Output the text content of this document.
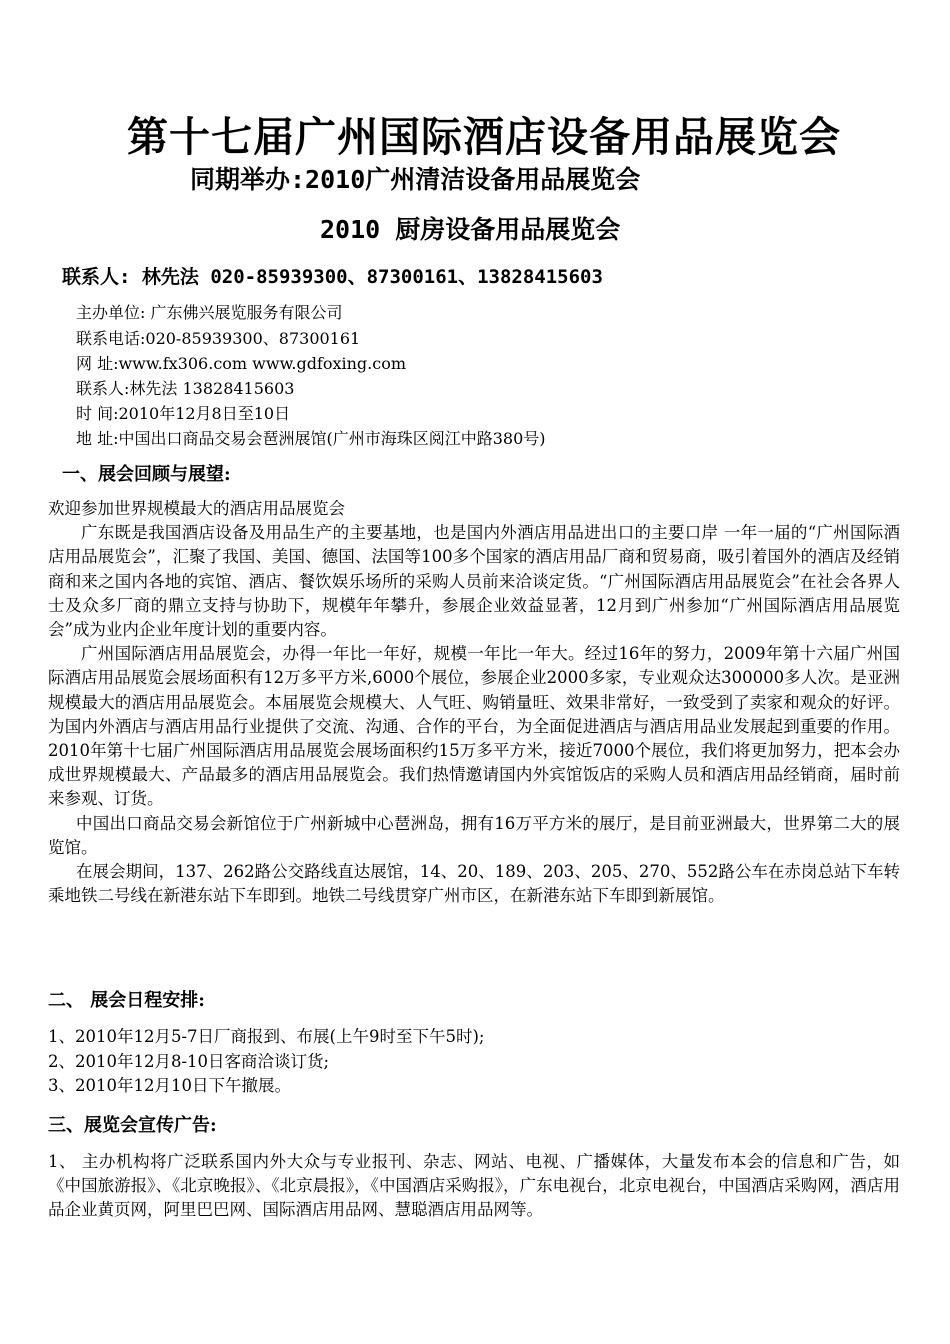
第十七届广州国际酒店设备用品展览会
同期举办:2010广州清洁设备用品展览会
2010 厨房设备用品展览会
联系人: 林先法 020-85939300、87300161、13828415603
主办单位: 广东佛兴展览服务有限公司
联系电话:020-85939300、87300161
网 址:www.fx306.com www.gdfoxing.com
联系人:林先法 13828415603
时 间:2010年12月8日至10日
地 址:中国出口商品交易会琶洲展馆(广州市海珠区阅江中路380号)
一、展会回顾与展望:

欢迎参加世界规模最大的酒店用品展览会

广东既是我国酒店设备及用品生产的主要基地，也是国内外酒店用品进出口的主要口岸 一年一届的“广州国际酒店用品展览会”，汇聚了我国、美国、德国、法国等100多个国家的酒店用品厂商和贸易商，吸引着国外的酒店及经销商和来之国内各地的宾馆、酒店、餐饮娱乐场所的采购人员前来洽谈定货。“广州国际酒店用品展览会”在社会各界人士及众多厂商的鼎立支持与协助下，规模年年攀升，参展企业效益显著，12月到广州参加“广州国际酒店用品展览会”成为业内企业年度计划的重要内容。

广州国际酒店用品展览会，办得一年比一年好，规模一年比一年大。经过16年的努力，2009年第十六届广州国际酒店用品展览会展场面积有12万多平方米,6000个展位，参展企业2000多家，专业观众达300000多人次。是亚洲规模最大的酒店用品展览会。本届展览会规模大、人气旺、购销量旺、效果非常好，一致受到了卖家和观众的好评。为国内外酒店与酒店用品行业提供了交流、沟通、合作的平台，为全面促进酒店与酒店用品业发展起到重要的作用。2010年第十七届广州国际酒店用品展览会展场面积约15万多平方米，接近7000个展位，我们将更加努力，把本会办成世界规模最大、产品最多的酒店用品展览会。我们热情邀请国内外宾馆饭店的采购人员和酒店用品经销商，届时前来参观、订货。

中国出口商品交易会新馆位于广州新城中心琶洲岛，拥有16万平方米的展厅，是目前亚洲最大，世界第二大的展览馆。

在展会期间，137、262路公交路线直达展馆，14、20、189、203、205、270、552路公车在赤岗总站下车转乘地铁二号线在新港东站下车即到。地铁二号线贯穿广州市区，在新港东站下车即到新展馆。

二、 展会日程安排:
1、2010年12月5-7日厂商报到、布展(上午9时至下午5时);
2、2010年12月8-10日客商洽谈订货;
3、2010年12月10日下午撤展。
三、展览会宣传广告:

1、 主办机构将广泛联系国内外大众与专业报刊、杂志、网站、电视、广播媒体，大量发布本会的信息和广告，如《中国旅游报》、《北京晚报》、《北京晨报》，《中国酒店采购报》，广东电视台，北京电视台，中国酒店采购网，酒店用品企业黄页网，阿里巴巴网、国际酒店用品网、慧聪酒店用品网等。
